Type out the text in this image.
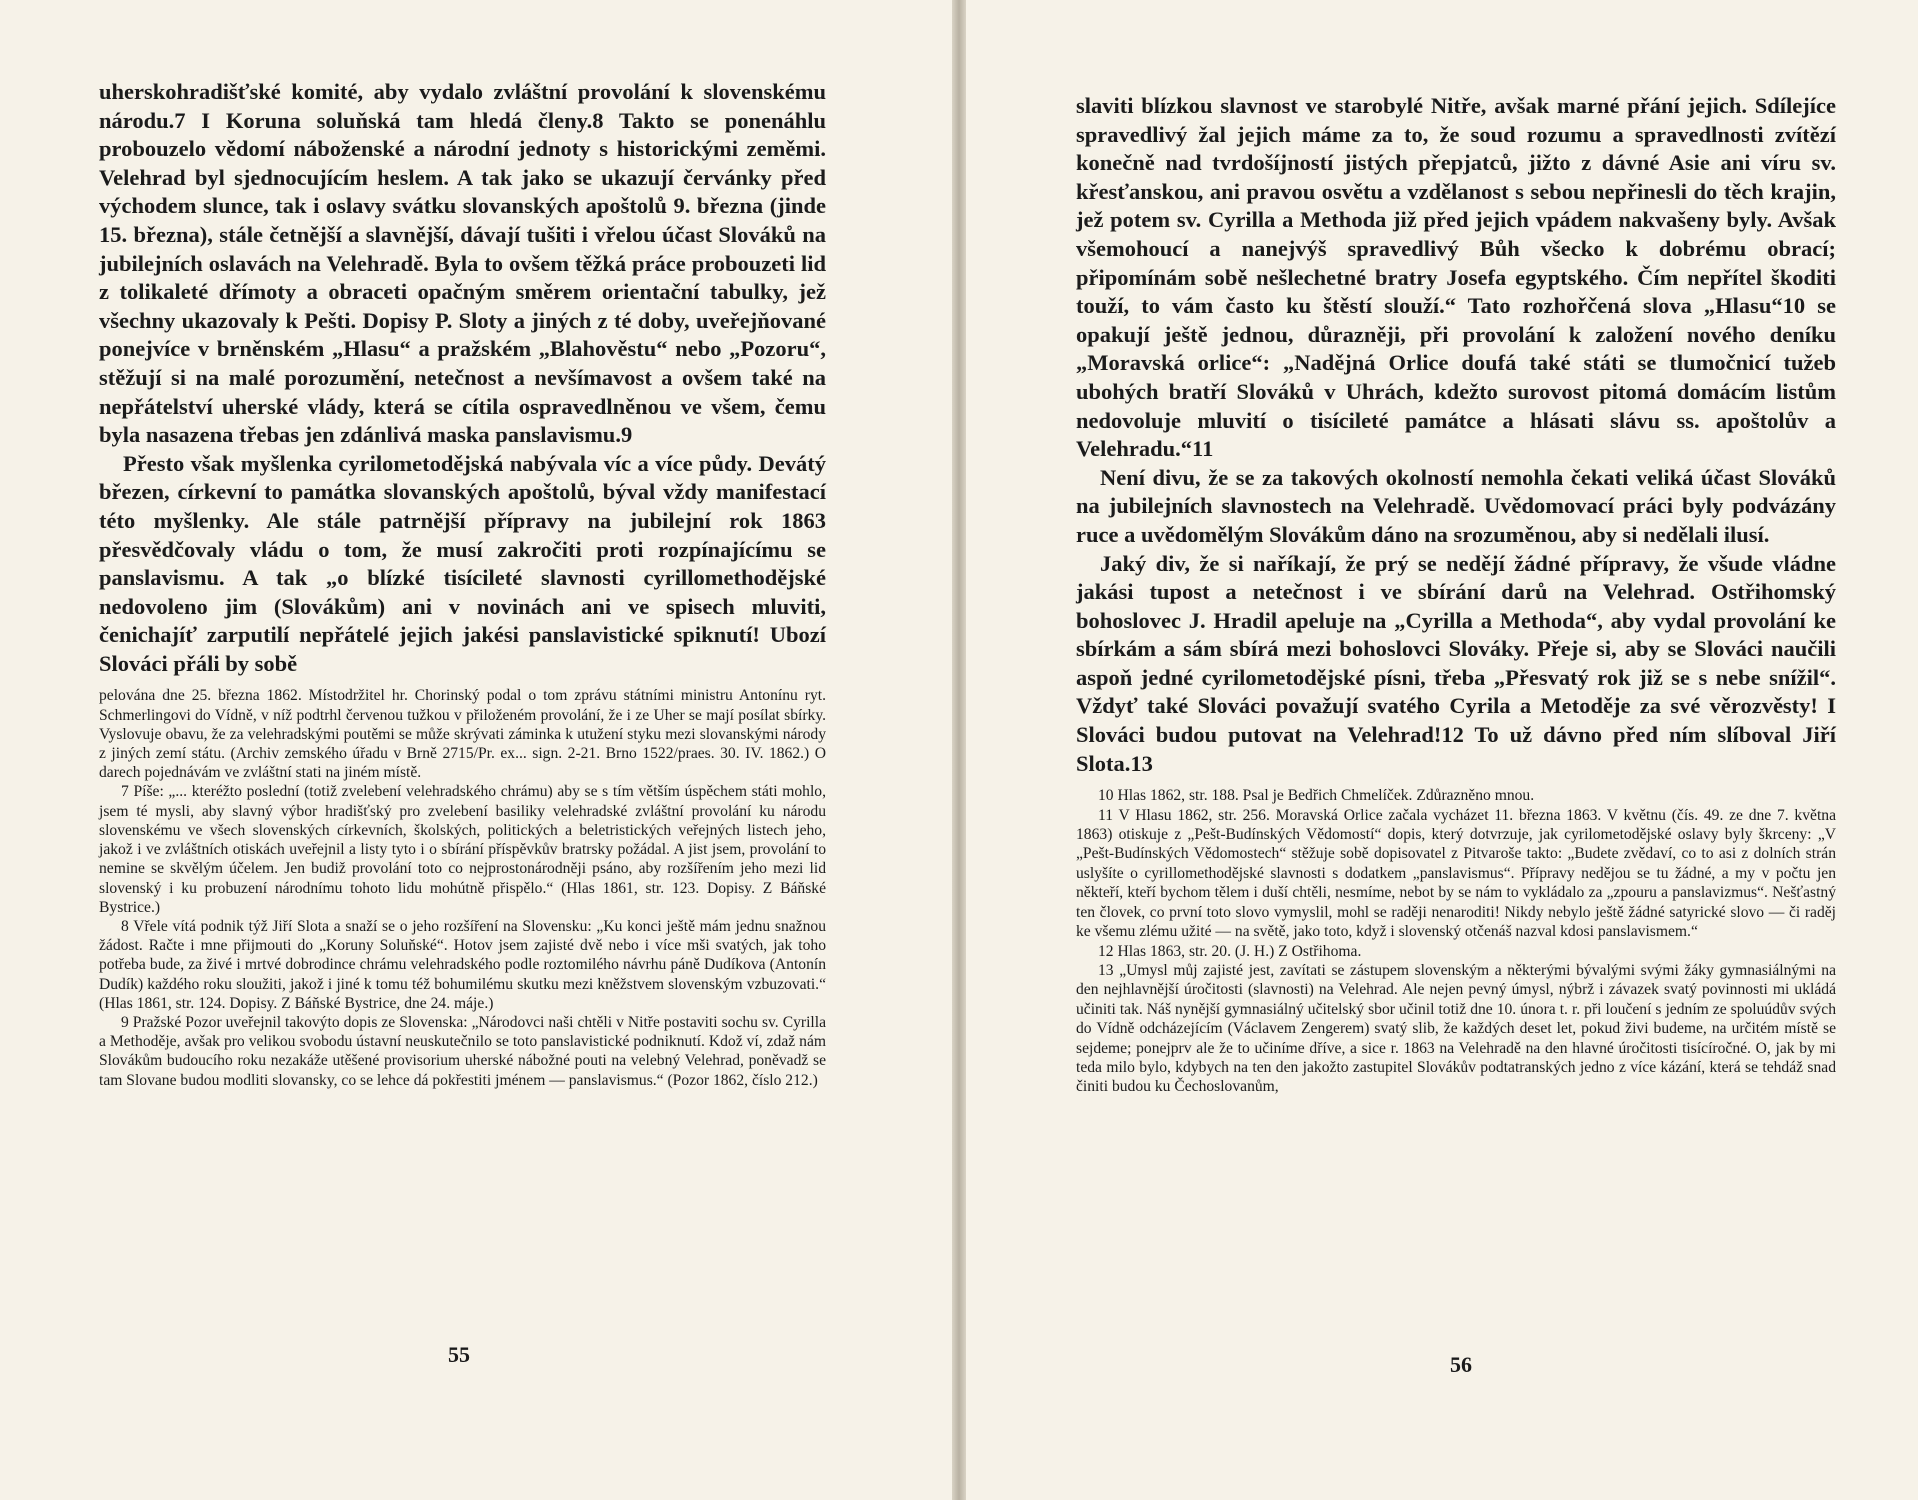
uherskohradišťské komité, aby vydalo zvláštní provolání k slovenskému národu.7 I Koruna soluňská tam hledá členy.8 Takto se ponenáhlu probouzelo vědomí náboženské a národní jednoty s historickými zeměmi. Velehrad byl sjednocujícím heslem. A tak jako se ukazují červánky před východem slunce, tak i oslavy svátku slovanských apoštolů 9. března (jinde 15. března), stále četnější a slavnější, dávají tušiti i vřelou účast Slováků na jubilejních oslavách na Velehradě. Byla to ovšem těžká práce probouzeti lid z tolikaleté dřímoty a obraceti opačným směrem orientační tabulky, jež všechny ukazovaly k Pešti. Dopisy P. Sloty a jiných z té doby, uveřejňované ponejvíce v brněnském „Hlasu“ a pražském „Blahověstu“ nebo „Pozoru“, stěžují si na malé porozumění, netečnost a nevšímavost a ovšem také na nepřátelství uherské vlády, která se cítila ospravedlněnou ve všem, čemu byla nasazena třebas jen zdánlivá maska panslavismu.9

Přesto však myšlenka cyrilometodějská nabývala víc a více půdy. Devátý březen, církevní to památka slovanských apoštolů, býval vždy manifestací této myšlenky. Ale stále patrnější přípravy na jubilejní rok 1863 přesvědčovaly vládu o tom, že musí zakročiti proti rozpínajícímu se panslavismu. A tak „o blízké tisícileté slavnosti cyrillomethodějské nedovoleno jim (Slovákům) ani v novinách ani ve spisech mluviti, čenichajíť zarputilí nepřátelé jejich jakési panslavistické spiknutí! Ubozí Slováci přáli by sobě

pelována dne 25. března 1862. Místodržitel hr. Chorinský podal o tom zprávu státními ministru Antonínu ryt. Schmerlingovi do Vídně, v níž podtrhl červenou tužkou v přiloženém provolání, že i ze Uher se mají posílat sbírky. Vyslovuje obavu, že za velehradskými poutěmi se může skrývati záminka k utužení styku mezi slovanskými národy z jiných zemí státu. (Archiv zemského úřadu v Brně 2715/Pr. ex... sign. 2-21. Brno 1522/praes. 30. IV. 1862.) O darech pojednávám ve zvláštní stati na jiném místě.

7 Píše: „... kteréžto poslední (totiž zvelebení velehradského chrámu) aby se s tím větším úspěchem státi mohlo, jsem té mysli, aby slavný výbor hradišťský pro zvelebení basiliky velehradské zvláštní provolání ku národu slovenskému ve všech slovenských církevních, školských, politických a beletristických veřejných listech jeho, jakož i ve zvláštních otiskách uveřejnil a listy tyto i o sbírání příspěvkův bratrsky požádal. A jist jsem, provolání to nemine se skvělým účelem. Jen budiž provolání toto co nejprostonárodněji psáno, aby rozšířením jeho mezi lid slovenský i ku probuzení národnímu tohoto lidu mohútně přispělo.“ (Hlas 1861, str. 123. Dopisy. Z Báňské Bystrice.)

8 Vřele vítá podnik týž Jiří Slota a snaží se o jeho rozšíření na Slovensku: „Ku konci ještě mám jednu snažnou žádost. Račte i mne přijmouti do „Koruny Soluňské“. Hotov jsem zajisté dvě nebo i více mši svatých, jak toho potřeba bude, za živé i mrtvé dobrodince chrámu velehradského podle roztomilého návrhu páně Dudíkova (Antonín Dudík) každého roku sloužiti, jakož i jiné k tomu též bohumilému skutku mezi kněžstvem slovenským vzbuzovati.“ (Hlas 1861, str. 124. Dopisy. Z Báňské Bystrice, dne 24. máje.)

9 Pražské Pozor uveřejnil takovýto dopis ze Slovenska: „Národovci naši chtěli v Nitře postaviti sochu sv. Cyrilla a Methoděje, avšak pro velikou svobodu ústavní neuskutečnilo se toto panslavistické podniknutí. Kdož ví, zdaž nám Slovákům budoucího roku nezakáže utěšené provisorium uherské nábožné pouti na velebný Velehrad, poněvadž se tam Slovane budou modliti slovansky, co se lehce dá pokřestiti jménem — panslavismus.“ (Pozor 1862, číslo 212.)

55

slaviti blízkou slavnost ve starobylé Nitře, avšak marné přání jejich. Sdílejíce spravedlivý žal jejich máme za to, že soud rozumu a spravedlnosti zvítězí konečně nad tvrdošíjností jistých přepjatců, jižto z dávné Asie ani víru sv. křesťanskou, ani pravou osvětu a vzdělanost s sebou nepřinesli do těch krajin, jež potem sv. Cyrilla a Methoda již před jejich vpádem nakvašeny byly. Avšak všemohoucí a nanejvýš spravedlivý Bůh všecko k dobrému obrací; připomínám sobě nešlechetné bratry Josefa egyptského. Čím nepřítel škoditi touží, to vám často ku štěstí slouží.“ Tato rozhořčená slova „Hlasu“10 se opakují ještě jednou, důrazněji, při provolání k založení nového deníku „Moravská orlice“: „Nadějná Orlice doufá také státi se tlumočnicí tužeb ubohých bratří Slováků v Uhrách, kdežto surovost pitomá domácím listům nedovoluje mluvití o tisícileté památce a hlásati slávu ss. apoštolův a Velehradu.“11

Není divu, že se za takových okolností nemohla čekati veliká účast Slováků na jubilejních slavnostech na Velehradě. Uvědomovací práci byly podvázány ruce a uvědomělým Slovákům dáno na srozuměnou, aby si nedělali ilusí.

Jaký div, že si naříkají, že prý se nedějí žádné přípravy, že všude vládne jakási tupost a netečnost i ve sbírání darů na Velehrad. Ostřihomský bohoslovec J. Hradil apeluje na „Cyrilla a Methoda“, aby vydal provolání ke sbírkám a sám sbírá mezi bohoslovci Slováky. Přeje si, aby se Slováci naučili aspoň jedné cyrilometodějské písni, třeba „Přesvatý rok již se s nebe snížil“. Vždyť také Slováci považují svatého Cyrila a Metoděje za své věrozvěsty! I Slováci budou putovat na Velehrad!12 To už dávno před ním slíboval Jiří Slota.13

10 Hlas 1862, str. 188. Psal je Bedřich Chmelíček. Zdůrazněno mnou.

11 V Hlasu 1862, str. 256. Moravská Orlice začala vycházet 11. března 1863. V květnu (čís. 49. ze dne 7. května 1863) otiskuje z „Pešt-Budínských Vědomostí“ dopis, který dotvrzuje, jak cyrilometodějské oslavy byly škrceny: „V „Pešt-Budínských Vědomostech“ stěžuje sobě dopisovatel z Pitvaroše takto: „Budete zvědaví, co to asi z dolních strán uslyšíte o cyrillomethodějské slavnosti s dodatkem „panslavismus“. Přípravy nedějou se tu žádné, a my v počtu jen někteří, kteří bychom tělem i duší chtěli, nesmíme, nebot by se nám to vykládalo za „zpouru a panslavizmus“. Nešťastný ten človek, co první toto slovo vymyslil, mohl se raději nenaroditi! Nikdy nebylo ještě žádné satyrické slovo — či raděj ke všemu zlému užité — na světě, jako toto, když i slovenský otčenáš nazval kdosi panslavismem.“

12 Hlas 1863, str. 20. (J. H.) Z Ostřihoma.

13 „Umysl můj zajisté jest, zavítati se zástupem slovenským a některými bývalými svými žáky gymnasiálnými na den nejhlavnější úročitosti (slavnosti) na Velehrad. Ale nejen pevný úmysl, nýbrž i závazek svatý povinnosti mi ukládá učiniti tak. Náš nynější gymnasiálný učitelský sbor učinil totiž dne 10. února t. r. při loučení s jedním ze spoluúdův svých do Vídně odcházejícím (Václavem Zengerem) svatý slib, že každých deset let, pokud živi budeme, na určitém místě se sejdeme; ponejprv ale že to učiníme dříve, a sice r. 1863 na Velehradě na den hlavné úročitosti tisícíročné. O, jak by mi teda milo bylo, kdybych na ten den jakožto zastupitel Slovákův podtatranských jedno z více kázání, která se tehdáž snad činiti budou ku Čechoslovanům,

56
